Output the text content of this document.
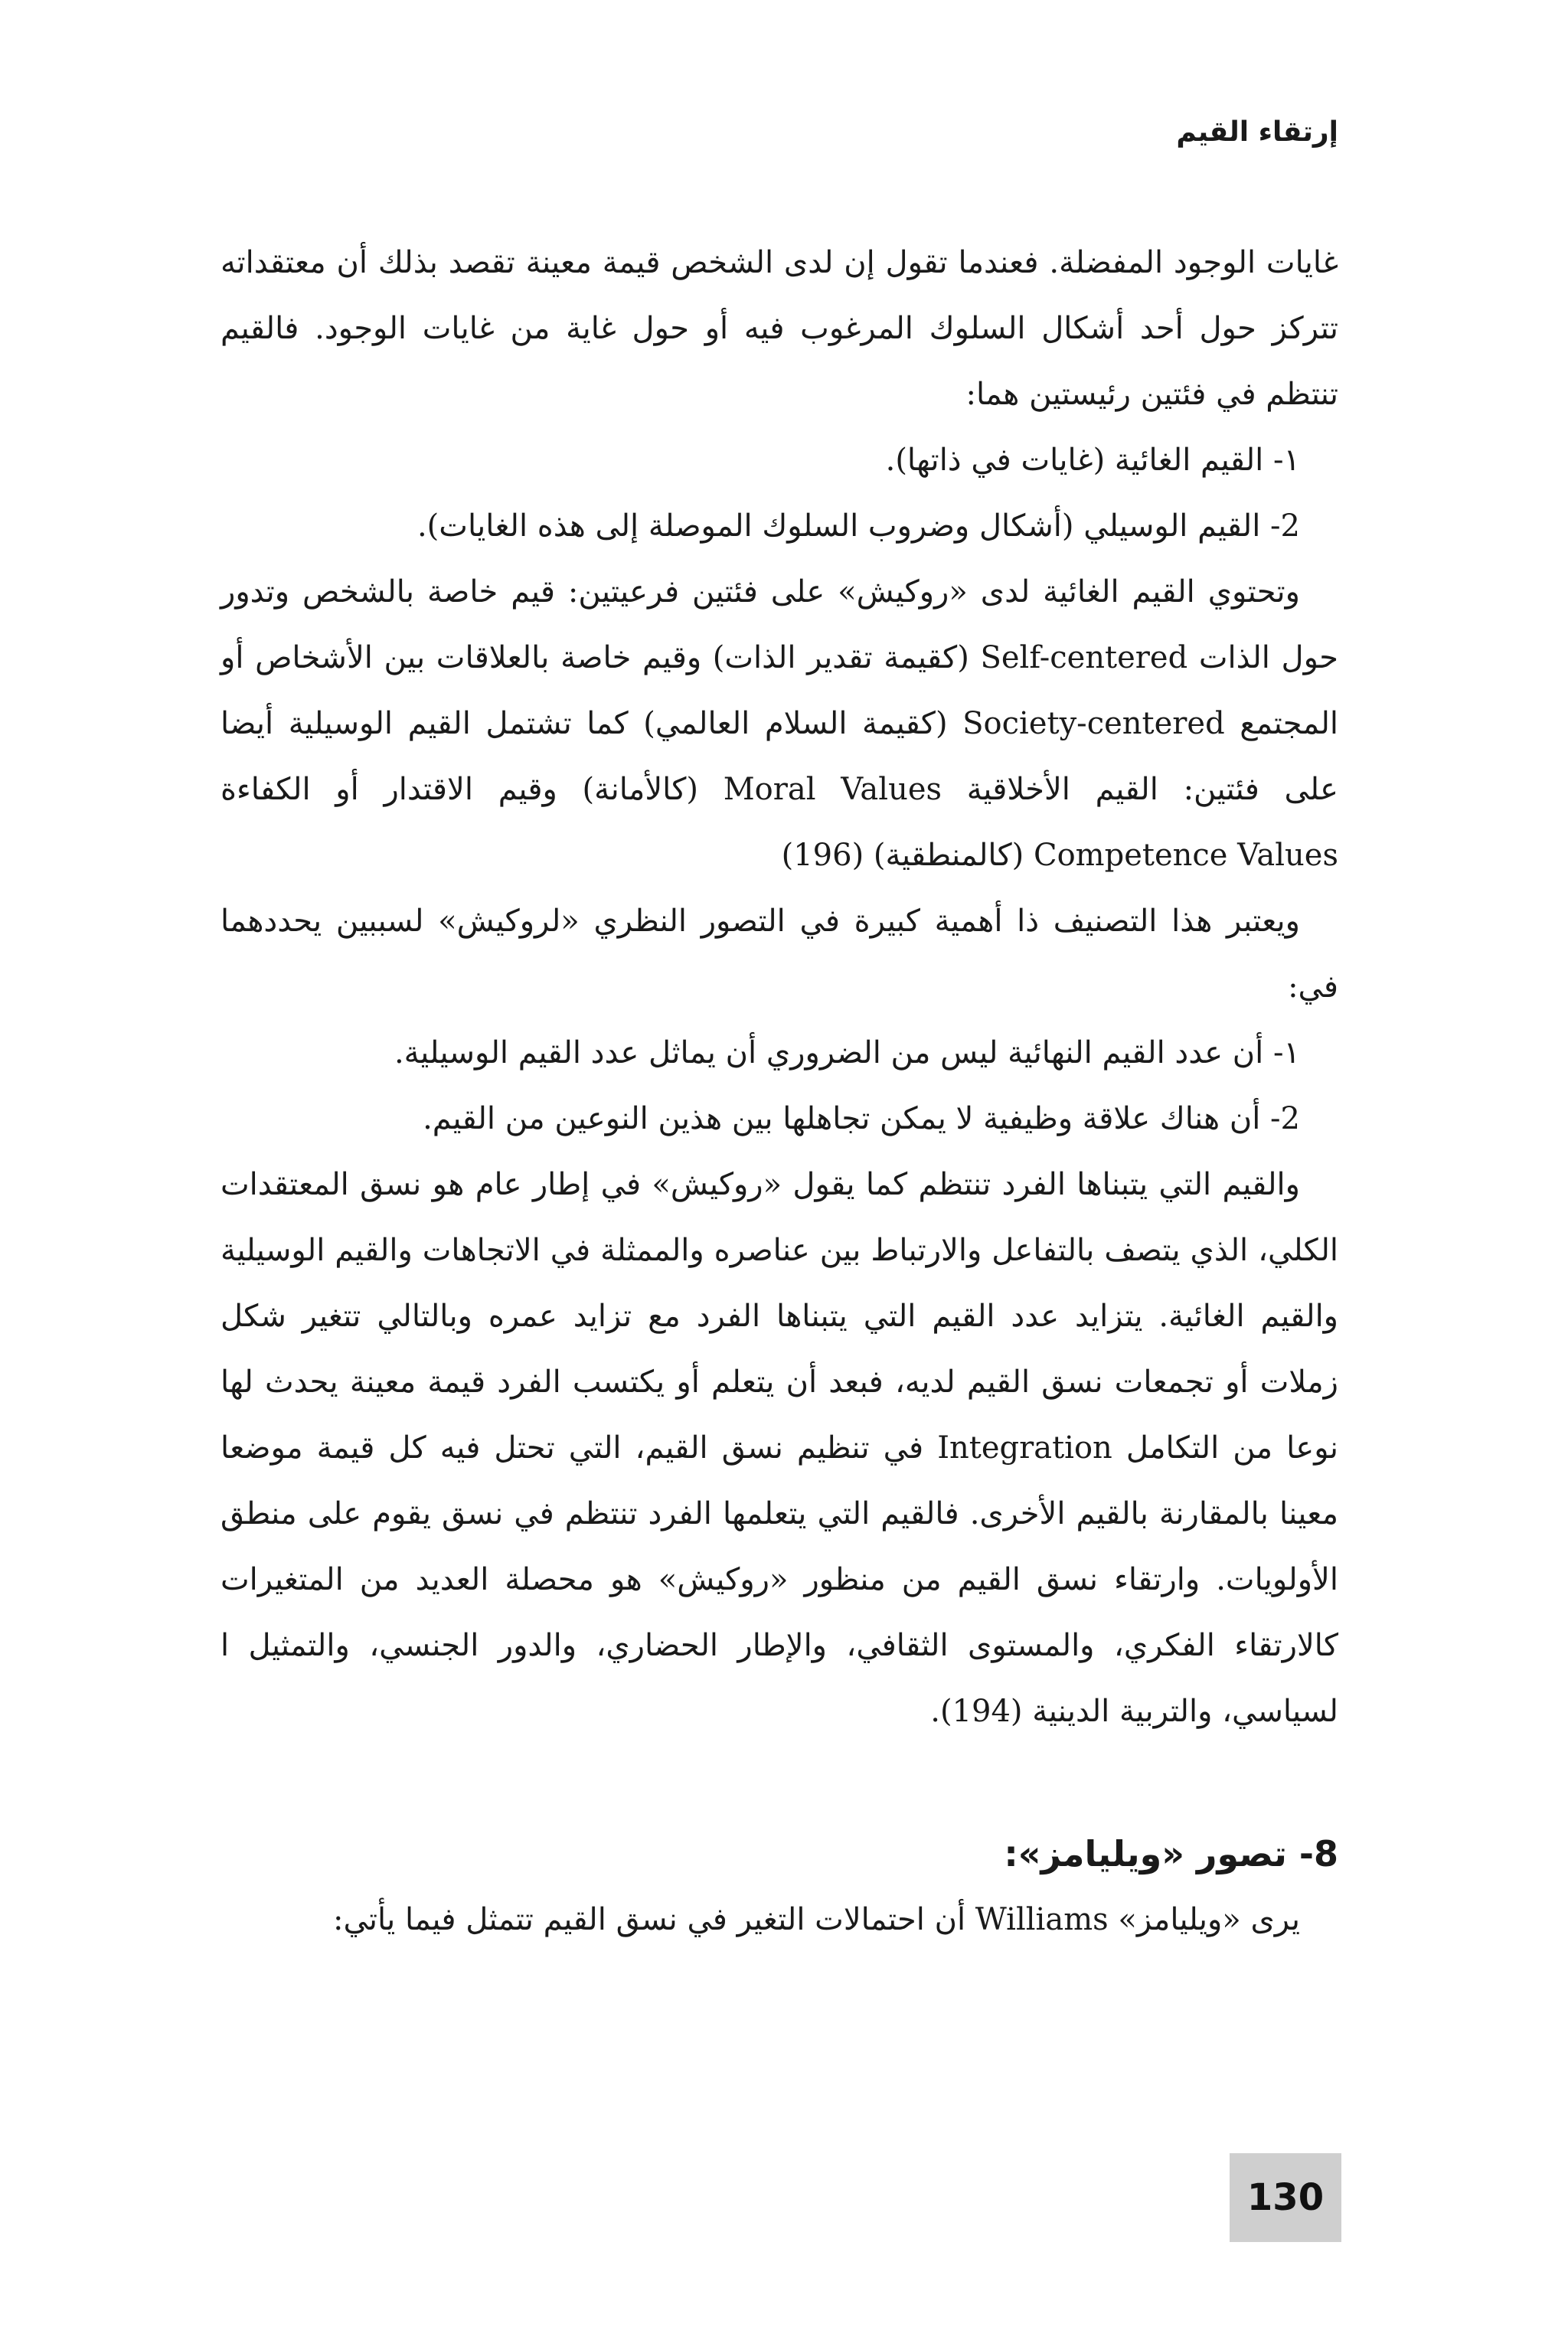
إرتقاء القيم

غايات الوجود المفضلة. فعندما تقول إن لدى الشخص قيمة معينة تقصد بذلك أن معتقداته تتركز حول أحد أشكال السلوك المرغوب فيه أو حول غاية من غايات الوجود. فالقيم تنتظم في فئتين رئيستين هما:

١- القيم الغائية (غايات في ذاتها).

2- القيم الوسيلي (أشكال وضروب السلوك الموصلة إلى هذه الغايات).

وتحتوي القيم الغائية لدى «روكيش» على فئتين فرعيتين: قيم خاصة بالشخص وتدور حول الذات Self-centered (كقيمة تقدير الذات) وقيم خاصة بالعلاقات بين الأشخاص أو المجتمع Society-centered (كقيمة السلام العالمي) كما تشتمل القيم الوسيلية أيضا على فئتين: القيم الأخلاقية Moral Values (كالأمانة) وقيم الاقتدار أو الكفاءة Competence Values (كالمنطقية) (196)

ويعتبر هذا التصنيف ذا أهمية كبيرة في التصور النظري «لروكيش» لسببين يحددهما في:

١- أن عدد القيم النهائية ليس من الضروري أن يماثل عدد القيم الوسيلية.

2- أن هناك علاقة وظيفية لا يمكن تجاهلها بين هذين النوعين من القيم.

والقيم التي يتبناها الفرد تنتظم كما يقول «روكيش» في إطار عام هو نسق المعتقدات الكلي، الذي يتصف بالتفاعل والارتباط بين عناصره والممثلة في الاتجاهات والقيم الوسيلية والقيم الغائية. يتزايد عدد القيم التي يتبناها الفرد مع تزايد عمره وبالتالي تتغير شكل زملات أو تجمعات نسق القيم لديه، فبعد أن يتعلم أو يكتسب الفرد قيمة معينة يحدث لها نوعا من التكامل Integration في تنظيم نسق القيم، التي تحتل فيه كل قيمة موضعا معينا بالمقارنة بالقيم الأخرى. فالقيم التي يتعلمها الفرد تنتظم في نسق يقوم على منطق الأولويات. وارتقاء نسق القيم من منظور «روكيش» هو محصلة العديد من المتغيرات كالارتقاء الفكري، والمستوى الثقافي، والإطار الحضاري، والدور الجنسي، والتمثيل ا لسياسي، والتربية الدينية (194).

8- تصور «ويليامز»:

يرى «ويليامز» Williams أن احتمالات التغير في نسق القيم تتمثل فيما يأتي:

130
